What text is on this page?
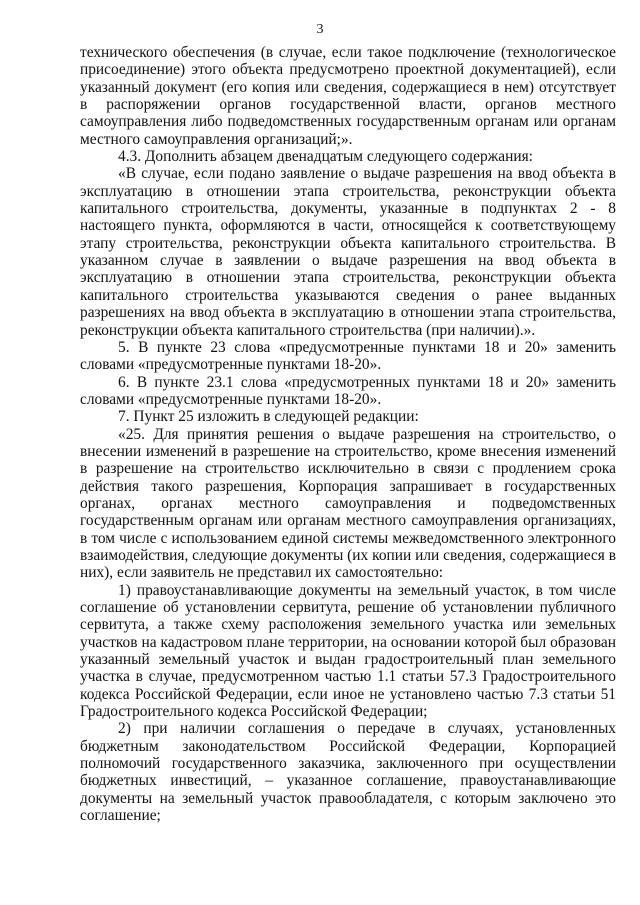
3

технического обеспечения (в случае, если такое подключение (технологическое присоединение) этого объекта предусмотрено проектной документацией), если указанный документ (его копия или сведения, содержащиеся в нем) отсутствует в распоряжении органов государственной власти, органов местного самоуправления либо подведомственных государственным органам или органам местного самоуправления организаций;».

4.3. Дополнить абзацем двенадцатым следующего содержания:

«В случае, если подано заявление о выдаче разрешения на ввод объекта в эксплуатацию в отношении этапа строительства, реконструкции объекта капитального строительства, документы, указанные в подпунктах 2 - 8 настоящего пункта, оформляются в части, относящейся к соответствующему этапу строительства, реконструкции объекта капитального строительства. В указанном случае в заявлении о выдаче разрешения на ввод объекта в эксплуатацию в отношении этапа строительства, реконструкции объекта капитального строительства указываются сведения о ранее выданных разрешениях на ввод объекта в эксплуатацию в отношении этапа строительства, реконструкции объекта капитального строительства (при наличии).».

5. В пункте 23 слова «предусмотренные пунктами 18 и 20» заменить словами «предусмотренные пунктами 18-20».

6. В пункте 23.1 слова «предусмотренных пунктами 18 и 20» заменить словами «предусмотренные пунктами 18-20».

7. Пункт 25 изложить в следующей редакции:

«25. Для принятия решения о выдаче разрешения на строительство, о внесении изменений в разрешение на строительство, кроме внесения изменений в разрешение на строительство исключительно в связи с продлением срока действия такого разрешения, Корпорация запрашивает в государственных органах, органах местного самоуправления и подведомственных государственным органам или органам местного самоуправления организациях, в том числе с использованием единой системы межведомственного электронного взаимодействия, следующие документы (их копии или сведения, содержащиеся в них), если заявитель не представил их самостоятельно:

1) правоустанавливающие документы на земельный участок, в том числе соглашение об установлении сервитута, решение об установлении публичного сервитута, а также схему расположения земельного участка или земельных участков на кадастровом плане территории, на основании которой был образован указанный земельный участок и выдан градостроительный план земельного участка в случае, предусмотренном частью 1.1 статьи 57.3 Градостроительного кодекса Российской Федерации, если иное не установлено частью 7.3 статьи 51 Градостроительного кодекса Российской Федерации;

2) при наличии соглашения о передаче в случаях, установленных бюджетным законодательством Российской Федерации, Корпорацией полномочий государственного заказчика, заключенного при осуществлении бюджетных инвестиций, – указанное соглашение, правоустанавливающие документы на земельный участок правообладателя, с которым заключено это соглашение;
